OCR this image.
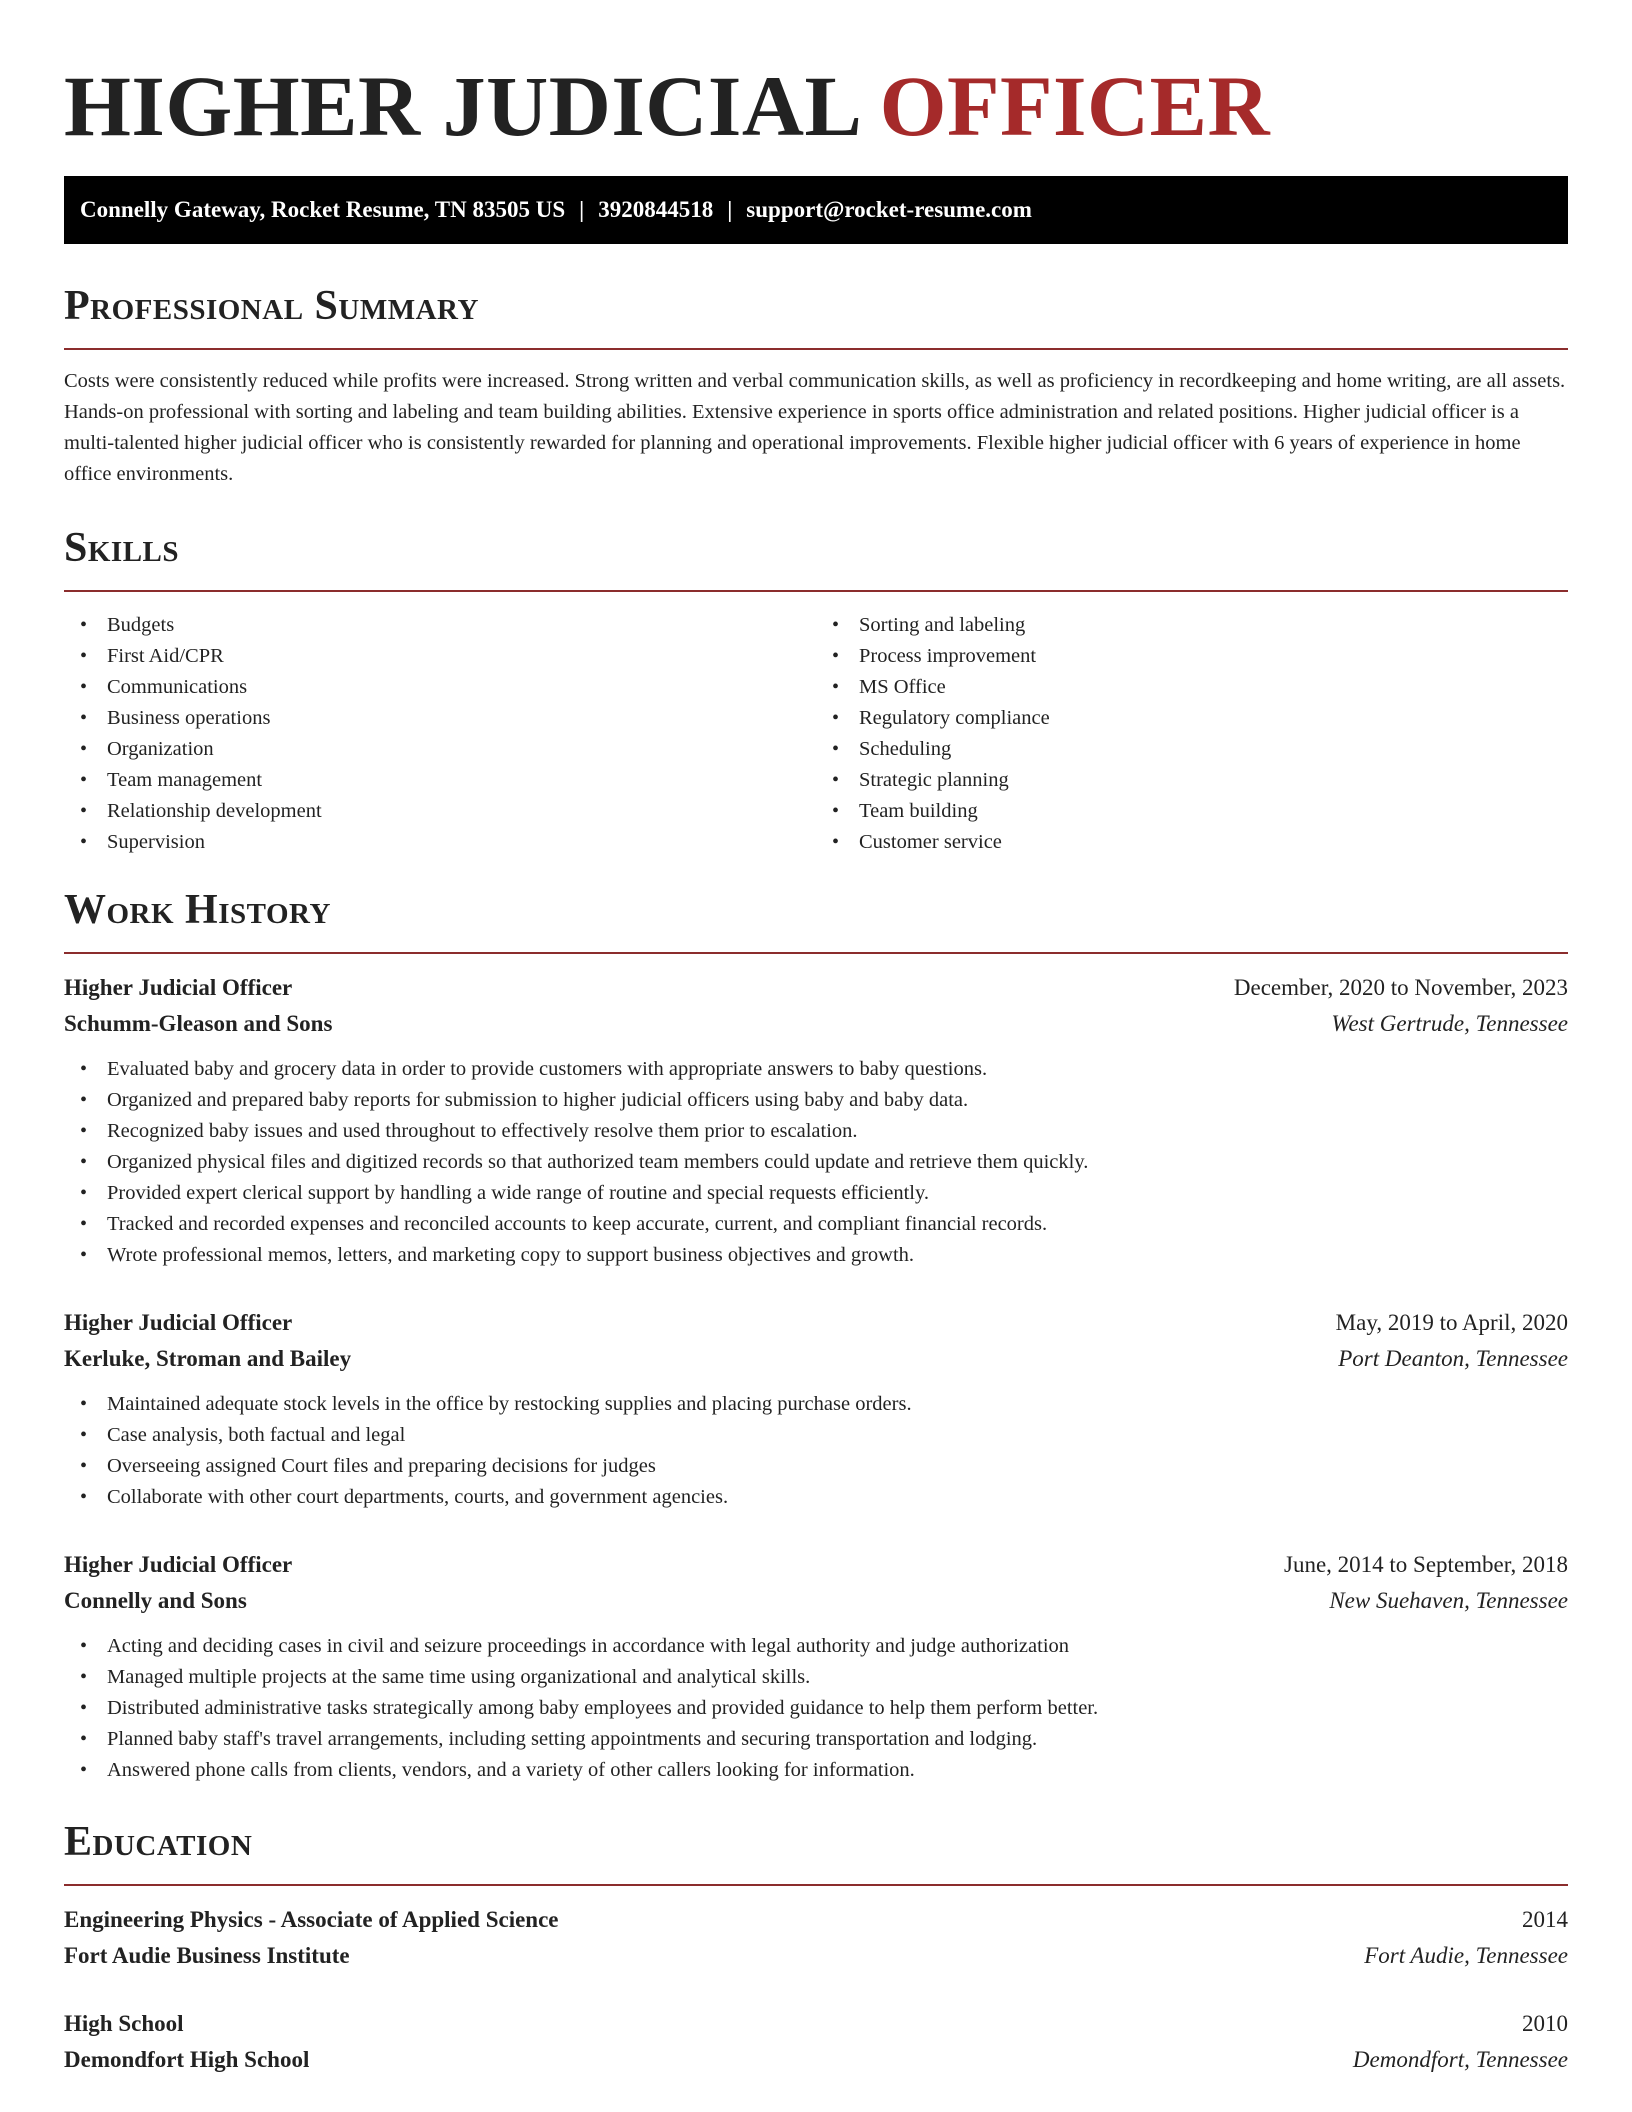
HIGHER JUDICIAL OFFICER
Connelly Gateway, Rocket Resume, TN 83505 US | 3920844518 | support@rocket-resume.com
Professional Summary

Costs were consistently reduced while profits were increased. Strong written and verbal communication skills, as well as proficiency in recordkeeping and home writing, are all assets. Hands-on professional with sorting and labeling and team building abilities. Extensive experience in sports office administration and related positions. Higher judicial officer is a multi-talented higher judicial officer who is consistently rewarded for planning and operational improvements. Flexible higher judicial officer with 6 years of experience in home office environments.

Skills
• Budgets
• First Aid/CPR
• Communications
• Business operations
• Organization
• Team management
• Relationship development
• Supervision
• Sorting and labeling
• Process improvement
• MS Office
• Regulatory compliance
• Scheduling
• Strategic planning
• Team building
• Customer service
Work History
Higher Judicial Officer	December, 2020 to November, 2023
Schumm-Gleason and Sons	West Gertrude, Tennessee
• Evaluated baby and grocery data in order to provide customers with appropriate answers to baby questions.
• Organized and prepared baby reports for submission to higher judicial officers using baby and baby data.
• Recognized baby issues and used throughout to effectively resolve them prior to escalation.
• Organized physical files and digitized records so that authorized team members could update and retrieve them quickly.
• Provided expert clerical support by handling a wide range of routine and special requests efficiently.
• Tracked and recorded expenses and reconciled accounts to keep accurate, current, and compliant financial records.
• Wrote professional memos, letters, and marketing copy to support business objectives and growth.
Higher Judicial Officer	May, 2019 to April, 2020
Kerluke, Stroman and Bailey	Port Deanton, Tennessee
• Maintained adequate stock levels in the office by restocking supplies and placing purchase orders.
• Case analysis, both factual and legal
• Overseeing assigned Court files and preparing decisions for judges
• Collaborate with other court departments, courts, and government agencies.
Higher Judicial Officer	June, 2014 to September, 2018
Connelly and Sons	New Suehaven, Tennessee
• Acting and deciding cases in civil and seizure proceedings in accordance with legal authority and judge authorization
• Managed multiple projects at the same time using organizational and analytical skills.
• Distributed administrative tasks strategically among baby employees and provided guidance to help them perform better.
• Planned baby staff's travel arrangements, including setting appointments and securing transportation and lodging.
• Answered phone calls from clients, vendors, and a variety of other callers looking for information.
Education
Engineering Physics - Associate of Applied Science	2014
Fort Audie Business Institute	Fort Audie, Tennessee
High School	2010
Demondfort High School	Demondfort, Tennessee
